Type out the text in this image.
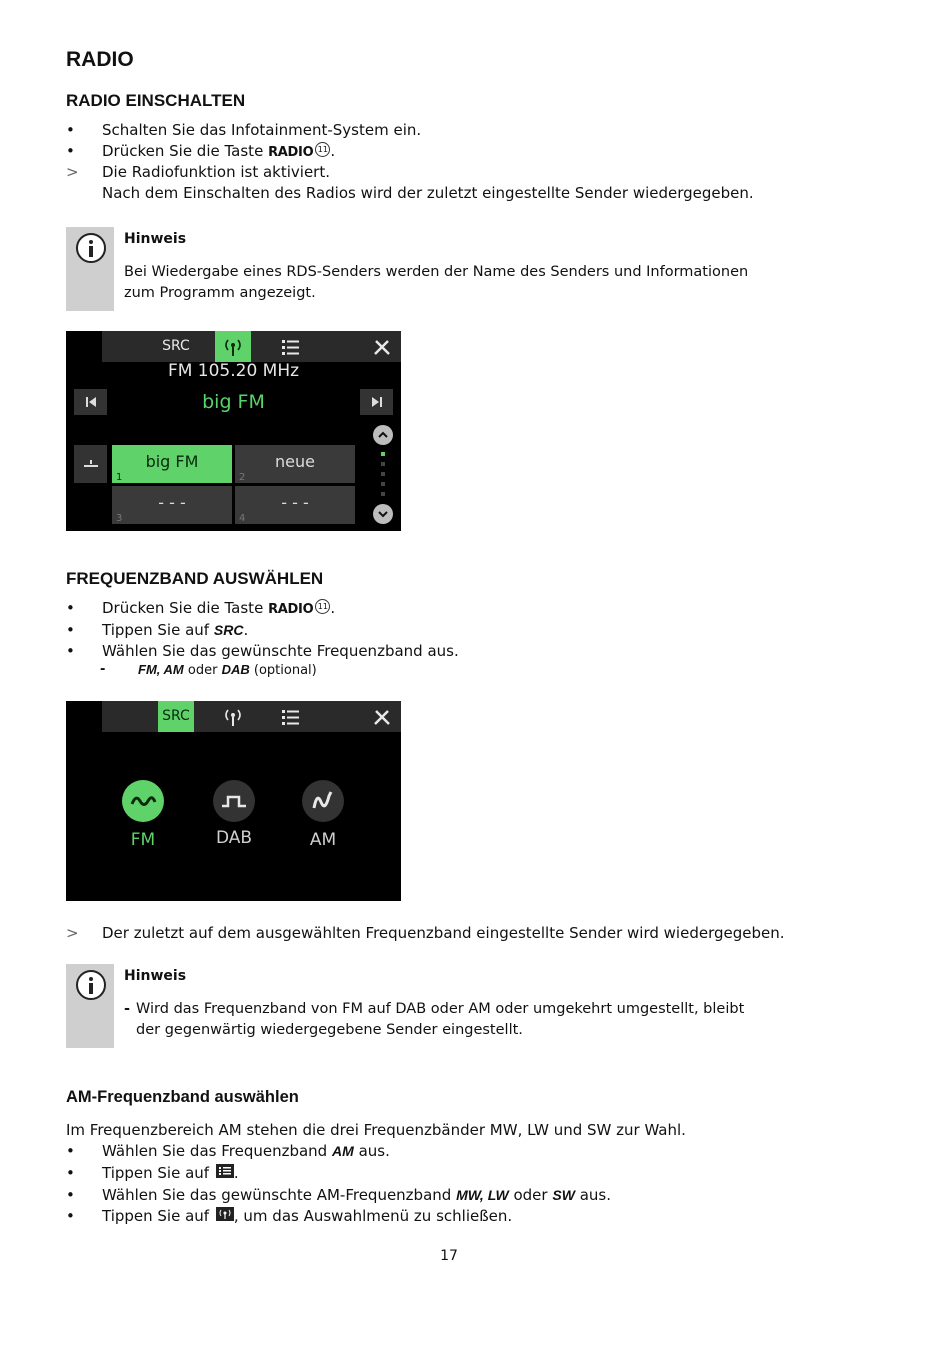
RADIO
RADIO EINSCHALTEN
•	Schalten Sie das Infotainment-System ein.
•	Drücken Sie die Taste RADIO 11 .
>	Die Radiofunktion ist aktiviert.
Nach dem Einschalten des Radios wird der zuletzt eingestellte Sender wiedergegeben.
Hinweis
Bei Wiedergabe eines RDS-Senders werden der Name des Senders und Informationen zum Programm angezeigt.
SRC
FM 105.20 MHz
big FM
big FM
1
neue
2
- - -
3
- - -
4
FREQUENZBAND AUSWÄHLEN
•	Drücken Sie die Taste RADIO 11 .
•	Tippen Sie auf SRC.
•	Wählen Sie das gewünschte Frequenzband aus.
-	FM, AM oder DAB (optional)
SRC
FM	DAB	AM
>	Der zuletzt auf dem ausgewählten Frequenzband eingestellte Sender wird wiedergegeben.
Hinweis
- Wird das Frequenzband von FM auf DAB oder AM oder umgekehrt umgestellt, bleibt der gegenwärtig wiedergegebene Sender eingestellt.
AM-Frequenzband auswählen
Im Frequenzbereich AM stehen die drei Frequenzbänder MW, LW und SW zur Wahl.
•	Wählen Sie das Frequenzband AM aus.
•	Tippen Sie auf .
•	Wählen Sie das gewünschte AM-Frequenzband MW, LW oder SW aus.
•	Tippen Sie auf , um das Auswahlmenü zu schließen.
17
